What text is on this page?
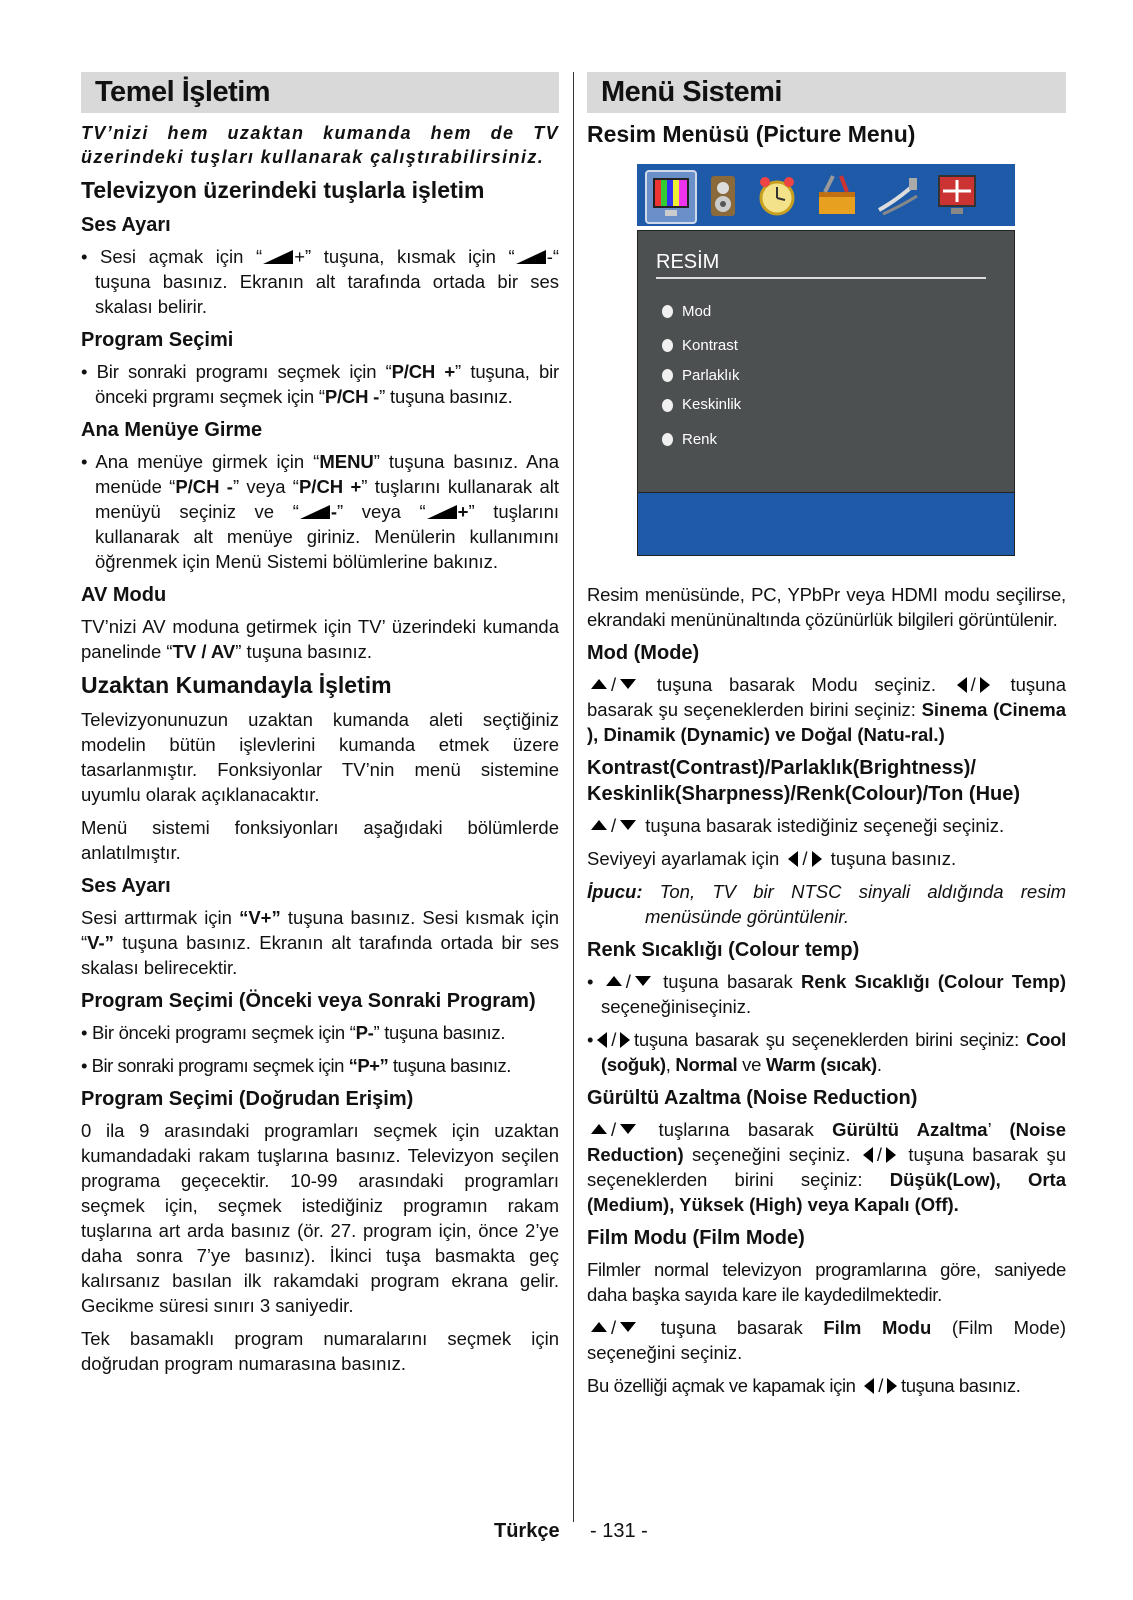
Temel İşletim

TV’nizi hem uzaktan kumanda hem de TV üzerindeki tuşları kullanarak çalıştırabilirsiniz.

Televizyon üzerindeki tuşlarla işletim
Ses Ayarı

• Sesi açmak için “ +” tuşuna, kısmak için “ -“ tuşuna basınız. Ekranın alt tarafında ortada bir ses skalası belirir.

Program Seçimi

• Bir sonraki programı seçmek için “P/CH +” tuşuna, bir önceki prgramı seçmek için “P/CH -” tuşuna basınız.

Ana Menüye Girme

• Ana menüye girmek için “MENU” tuşuna basınız. Ana menüde “P/CH -” veya “P/CH +” tuşlarını kullanarak alt menüyü seçiniz ve “ -” veya “ +” tuşlarını kullanarak alt menüye giriniz. Menülerin kullanımını öğrenmek için Menü Sistemi bölümlerine bakınız.

AV Modu

TV’nizi AV moduna getirmek için TV’ üzerindeki kumanda panelinde “TV / AV” tuşuna basınız.

Uzaktan Kumandayla İşletim

Televizyonunuzun uzaktan kumanda aleti seçtiğiniz modelin bütün işlevlerini kumanda etmek üzere tasarlanmıştır. Fonksiyonlar TV’nin menü sistemine uyumlu olarak açıklanacaktır.

Menü sistemi fonksiyonları aşağıdaki bölümlerde anlatılmıştır.

Ses Ayarı

Sesi arttırmak için “V+” tuşuna basınız. Sesi kısmak için “V-” tuşuna basınız. Ekranın alt tarafında ortada bir ses skalası belirecektir.

Program Seçimi (Önceki veya Sonraki Program)

• Bir önceki programı seçmek için “P-” tuşuna basınız.

• Bir sonraki programı seçmek için “P+” tuşuna basınız.

Program Seçimi (Doğrudan Erişim)

0 ila 9 arasındaki programları seçmek için uzaktan kumandadaki rakam tuşlarına basınız. Televizyon seçilen programa geçecektir. 10-99 arasındaki programları seçmek için, seçmek istediğiniz programın rakam tuşlarına art arda basınız (ör. 27. program için, önce 2’ye daha sonra 7’ye basınız). İkinci tuşa basmakta geç kalırsanız basılan ilk rakamdaki program ekrana gelir. Gecikme süresi sınırı 3 saniyedir.

Tek basamaklı program numaralarını seçmek için doğrudan program numarasına basınız.

Menü Sistemi
Resim Menüsü (Picture Menu)
RESİM
Mod
Kontrast
Parlaklık
Keskinlik
Renk

Resim menüsünde, PC, YPbPr veya HDMI modu seçilirse, ekrandaki menününaltında çözünürlük bilgileri görüntülenir.

Mod (Mode)

/ tuşuna basarak Modu seçiniz. / tuşuna basarak şu seçeneklerden birini seçiniz: Sinema (Cinema ), Dinamik (Dynamic) ve Doğal (Natu-ral.)

Kontrast(Contrast)/Parlaklık(Brightness)/ Keskinlik(Sharpness)/Renk(Colour)/Ton (Hue)

/ tuşuna basarak istediğiniz seçeneği seçiniz.

Seviyeyi ayarlamak için / tuşuna basınız.

İpucu: Ton, TV bir NTSC sinyali aldığında resim menüsünde görüntülenir.

Renk Sıcaklığı (Colour temp)

• / tuşuna basarak Renk Sıcaklığı (Colour Temp) seçeneğiniseçiniz.

• / tuşuna basarak şu seçeneklerden birini seçiniz: Cool (soğuk), Normal ve Warm (sıcak).

Gürültü Azaltma (Noise Reduction)

/ tuşlarına basarak Gürültü Azaltma’ (Noise Reduction) seçeneğini seçiniz. / tuşuna basarak şu seçeneklerden birini seçiniz: Düşük(Low), Orta (Medium), Yüksek (High) veya Kapalı (Off).

Film Modu (Film Mode)

Filmler normal televizyon programlarına göre, saniyede daha başka sayıda kare ile kaydedilmektedir.

/ tuşuna basarak Film Modu (Film Mode) seçeneğini seçiniz.

Bu özelliği açmak ve kapamak için / tuşuna basınız.

Türkçe - 131 -
